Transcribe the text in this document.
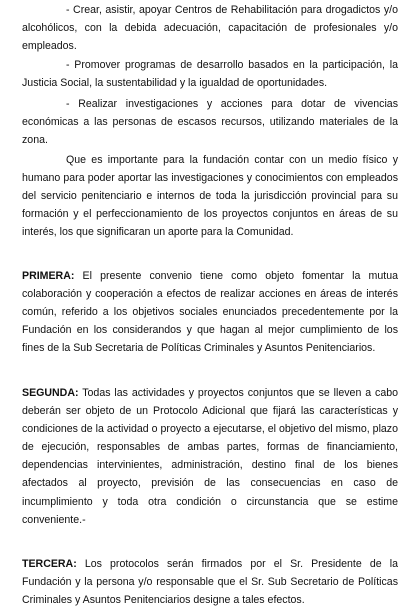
- Crear, asistir, apoyar Centros de Rehabilitación para drogadictos y/o alcohólicos, con la debida adecuación, capacitación de profesionales y/o empleados.

- Promover programas de desarrollo basados en la participación, la Justicia Social, la sustentabilidad y la igualdad de oportunidades.

- Realizar investigaciones y acciones para dotar de vivencias económicas a las personas de escasos recursos, utilizando materiales de la zona.

Que es importante para la fundación contar con un medio físico y humano para poder aportar las investigaciones y conocimientos con empleados del servicio penitenciario e internos de toda la jurisdicción provincial para su formación y el perfeccionamiento de los proyectos conjuntos en áreas de su interés, los que significaran un aporte para la Comunidad.

PRIMERA: El presente convenio tiene como objeto fomentar la mutua colaboración y cooperación a efectos de realizar acciones en áreas de interés común, referido a los objetivos sociales enunciados precedentemente por la Fundación en los considerandos y que hagan al mejor cumplimiento de los fines de la Sub Secretaria de Políticas Criminales y Asuntos Penitenciarios.

SEGUNDA: Todas las actividades y proyectos conjuntos que se lleven a cabo deberán ser objeto de un Protocolo Adicional que fijará las características y condiciones de la actividad o proyecto a ejecutarse, el objetivo del mismo, plazo de ejecución, responsables de ambas partes, formas de financiamiento, dependencias intervinientes, administración, destino final de los bienes afectados al proyecto, previsión de las consecuencias en caso de incumplimiento y toda otra condición o circunstancia que se estime conveniente.-

TERCERA: Los protocolos serán firmados por el Sr. Presidente de la Fundación y la persona y/o responsable que el Sr. Sub Secretario de Políticas Criminales y Asuntos Penitenciarios designe a tales efectos.
